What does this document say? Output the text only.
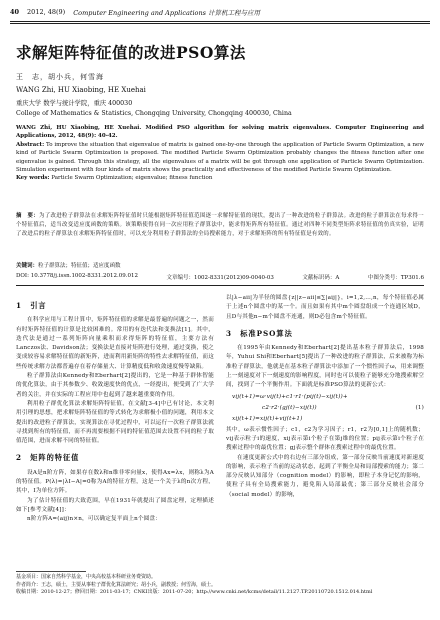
40 2012, 48(9) Computer Engineering and Applications 计算机工程与应用
求解矩阵特征值的改进PSO算法
王　志，胡小兵，何雪海
WANG Zhi, HU Xiaobing, HE Xuehai
重庆大学 数学与统计学院，重庆 400030
College of Mathematics & Statistics, Chongqing University, Chongqing 400030, China
WANG Zhi, HU Xiaobing, HE Xuehai. Modified PSO algorithm for solving matrix eigenvalues. Computer Engineering and Applications, 2012, 48(9): 40-42.
Abstract: To improve the situation that eigenvalue of matrix is gained one-by-one through the application of Particle Swarm Optimization, a new kind of Particle Swarm Optimization is proposed. The modified Particle Swarm Optimization probably changes the fitness function after one eigenvalue is gained. Through this strategy, all the eigenvalues of a matrix will be got through one application of Particle Swarm Optimization. Simulation experiment with four kinds of matrix shows the practicality and effectiveness of the modified Particle Swarm Optimization.
Key words: Particle Swarm Optimization; eigenvalue; fitness function
摘　要：为了改进粒子群算法在求解矩阵特征值时只能根据矩阵特征值范围逐一求解特征值的现状，提出了一种改进的粒子群算法。改进的粒子群算法在每求得一个特征值后，适当改变适应度函数的策略。该策略使得在同一次应用粒子群算法中，能求得矩阵所有特征值。通过对四种不同类型矩阵求特征值的仿真实验，证明了改进后的粒子群算法在求解矩阵特征值时，可以充分利用粒子群算法的全局搜索能力，对于求解矩阵的所有特征值是有效的。
关键词：粒子群算法；特征值；适应度函数
DOI: 10.3778/j.issn.1002-8331.2012.09.012	文章编号：1002-8331(2012)09-0040-03	文献标识码：A	中图分类号：TP301.6
1　引言

在科学应用与工程计算中，矩阵特征值的求解是最普遍的问题之一，然而有时矩阵特征值的计算是比较困难的。常用的有迭代法和变换法[1]。其中，迭代法是通过一系列矩阵向量乘积而求得矩阵的特征值，主要方法有Lanczos法、Davidson法；变换法是直接对矩阵进行处理，通过变换，使之变成较容易求解特征值的新矩阵，进而利用新矩阵的特性去求解特征值，而这些传统求解方法都普遍存在着存储量大、计算精度低和收敛速度慢等缺陷。

粒子群算法由Kennedy和Eberhart[2]提出的，它是一种基于群体智能的优化算法，由于其参数少、收敛速度快的优点，一经提出，便受到了广大学者的关注，并在实际的工程应用中也起到了越来越重要的作用。

利用粒子群优化算法求解矩阵特征值，在文献[3-4]中已有讨论，本文利用引理的思想，把求解矩阵特征值的等式转化为求解极小值的问题，利用本文提出的改进粒子群算法，实现算法在寻优过程中，可以运行一次粒子群算法就寻找到所有的特征值，而不再需要根据不同的特征值范围去设置不同的粒子取值范围，进而求解不同的特征值。

2　矩阵的特征值

设A是n阶方阵，如果存在数λ和n维非零向量x，使得Ax=λx，则称λ为A的特征值。P(λ)=|λI−A|=0称为A的特征方程，这是一个关于λ的n次方程，其中，I为单位方阵。

为了估计特征值的大致范围，早在1931年就提出了圆盘定理，定理描述如下[参考文献[4]]：

n阶方阵A=(aij)n×n，可以确定复平面上n个圆盘：

以|λ−aii|为半径的圆盘{z||z−aii|≤∑|aij|}，i=1,2,…,n，每个特征值必属于上述n个圆盘中的某一个。而且如果有其中m个圆盘组成一个连通区域D，且D与其他n−m个圆盘不连通，则D必包含m个特征值。

3　标准PSO算法

在1995年由Kennedy和Eberhart[2]提出基本粒子群算法后，1998年，Yuhui Shi和Eberhart[5]提出了一种改进的粒子群算法，后来被称为标准粒子群算法，他就是在基本粒子群算法中添加了一个惯性因子ω，用来调整上一刻速度对下一刻速度的影响程度，同时也可以使粒子能够充分地搜索解空间，找到了一个平衡作用。下面就是标准PSO算法的更新公式：

vij(t+1)=ω·vij(t)+c1·r1·(pij(t)−xij(t))+
c2·r2·(gj(t)−xij(t))	(1)
xij(t+1)=xij(t)+vij(t+1)

其中，ω表示惯性因子；c1，c2为学习因子；r1，r2为[0,1]上的随机数；vij表示粒子i的速度，xij表示第i个粒子在第j维的位置；pij表示第i个粒子在搜索过程中的最优位置；gj表示整个群体在搜索过程中的最优位置。

在速度更新公式中的右边有三部分组成，第一部分反映当前速度对新速度的影响，表示粒子当前的运动状态，起到了平衡全局和局部搜索的能力；第二部分反映认知部分（cognition model）的影响，即粒子本身记忆的影响，使粒子具有全局搜索能力，避免陷入局部最优；第三部分反映社会部分（social model）的影响，

基金项目：国家自然科学基金，中央高校基本科研业务费资助。
作者简介：王志，硕士，主要从事粒子群优化算法研究；胡小兵，副教授；何雪海，硕士。
收稿日期：2010-12-27；修回日期：2011-03-17；CNKI出版：2011-07-20；http://www.cnki.net/kcms/detail/11.2127.TP.20110720.1512.014.html
